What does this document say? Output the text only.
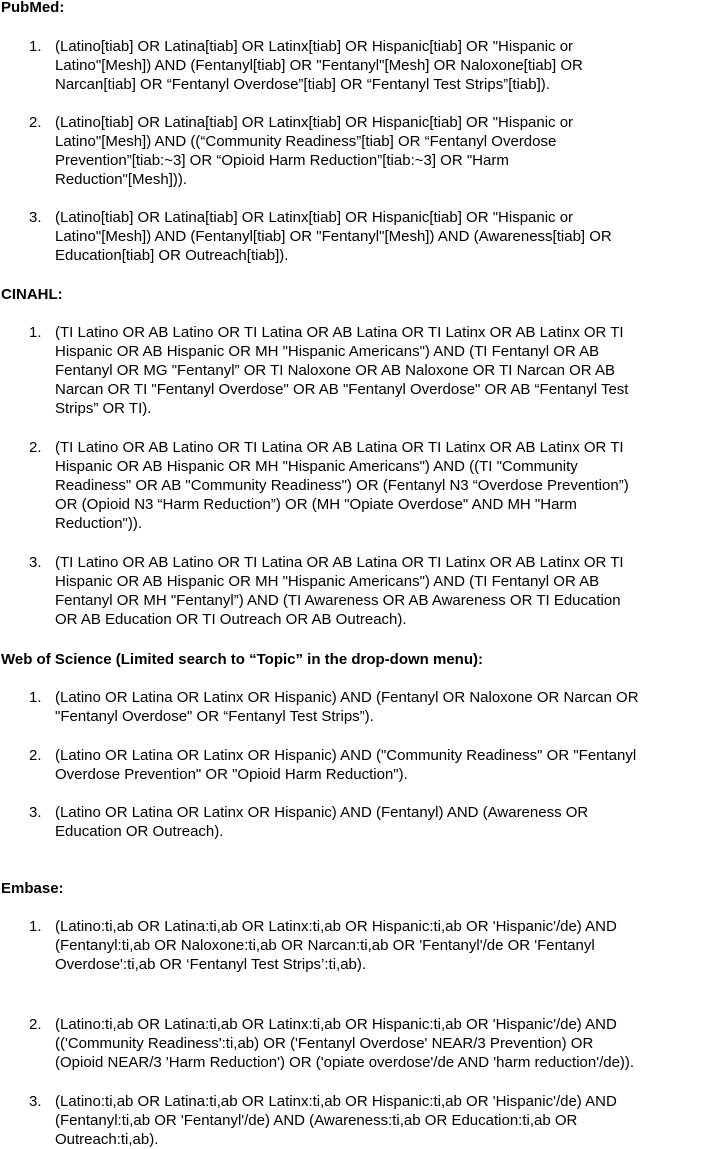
PubMed:
1. (Latino[tiab] OR Latina[tiab] OR Latinx[tiab] OR Hispanic[tiab] OR "Hispanic or
Latino"[Mesh]) AND (Fentanyl[tiab] OR "Fentanyl"[Mesh] OR Naloxone[tiab] OR
Narcan[tiab] OR “Fentanyl Overdose”[tiab] OR “Fentanyl Test Strips”[tiab]).
2. (Latino[tiab] OR Latina[tiab] OR Latinx[tiab] OR Hispanic[tiab] OR "Hispanic or
Latino"[Mesh]) AND ((“Community Readiness”[tiab] OR “Fentanyl Overdose
Prevention”[tiab:~3] OR “Opioid Harm Reduction”[tiab:~3] OR "Harm
Reduction"[Mesh])).
3. (Latino[tiab] OR Latina[tiab] OR Latinx[tiab] OR Hispanic[tiab] OR "Hispanic or
Latino"[Mesh]) AND (Fentanyl[tiab] OR "Fentanyl"[Mesh]) AND (Awareness[tiab] OR
Education[tiab] OR Outreach[tiab]).
CINAHL:
1. (TI Latino OR AB Latino OR TI Latina OR AB Latina OR TI Latinx OR AB Latinx OR TI
Hispanic OR AB Hispanic OR MH "Hispanic Americans") AND (TI Fentanyl OR AB
Fentanyl OR MG "Fentanyl” OR TI Naloxone OR AB Naloxone OR TI Narcan OR AB
Narcan OR TI "Fentanyl Overdose" OR AB "Fentanyl Overdose" OR AB “Fentanyl Test
Strips” OR TI).
2. (TI Latino OR AB Latino OR TI Latina OR AB Latina OR TI Latinx OR AB Latinx OR TI
Hispanic OR AB Hispanic OR MH "Hispanic Americans") AND ((TI "Community
Readiness" OR AB "Community Readiness") OR (Fentanyl N3 “Overdose Prevention”)
OR (Opioid N3 “Harm Reduction”) OR (MH "Opiate Overdose" AND MH "Harm
Reduction")).
3. (TI Latino OR AB Latino OR TI Latina OR AB Latina OR TI Latinx OR AB Latinx OR TI
Hispanic OR AB Hispanic OR MH "Hispanic Americans") AND (TI Fentanyl OR AB
Fentanyl OR MH "Fentanyl”) AND (TI Awareness OR AB Awareness OR TI Education
OR AB Education OR TI Outreach OR AB Outreach).
Web of Science (Limited search to “Topic” in the drop-down menu):
1. (Latino OR Latina OR Latinx OR Hispanic) AND (Fentanyl OR Naloxone OR Narcan OR
"Fentanyl Overdose" OR “Fentanyl Test Strips”).
2. (Latino OR Latina OR Latinx OR Hispanic) AND ("Community Readiness" OR "Fentanyl
Overdose Prevention" OR "Opioid Harm Reduction").
3. (Latino OR Latina OR Latinx OR Hispanic) AND (Fentanyl) AND (Awareness OR
Education OR Outreach).
Embase:
1. (Latino:ti,ab OR Latina:ti,ab OR Latinx:ti,ab OR Hispanic:ti,ab OR 'Hispanic'/de) AND
(Fentanyl:ti,ab OR Naloxone:ti,ab OR Narcan:ti,ab OR 'Fentanyl'/de OR 'Fentanyl
Overdose':ti,ab OR ‘Fentanyl Test Strips’:ti,ab).
2. (Latino:ti,ab OR Latina:ti,ab OR Latinx:ti,ab OR Hispanic:ti,ab OR 'Hispanic'/de) AND
(('Community Readiness':ti,ab) OR ('Fentanyl Overdose' NEAR/3 Prevention) OR
(Opioid NEAR/3 'Harm Reduction') OR ('opiate overdose'/de AND 'harm reduction'/de)).
3. (Latino:ti,ab OR Latina:ti,ab OR Latinx:ti,ab OR Hispanic:ti,ab OR 'Hispanic'/de) AND
(Fentanyl:ti,ab OR 'Fentanyl'/de) AND (Awareness:ti,ab OR Education:ti,ab OR
Outreach:ti,ab).
